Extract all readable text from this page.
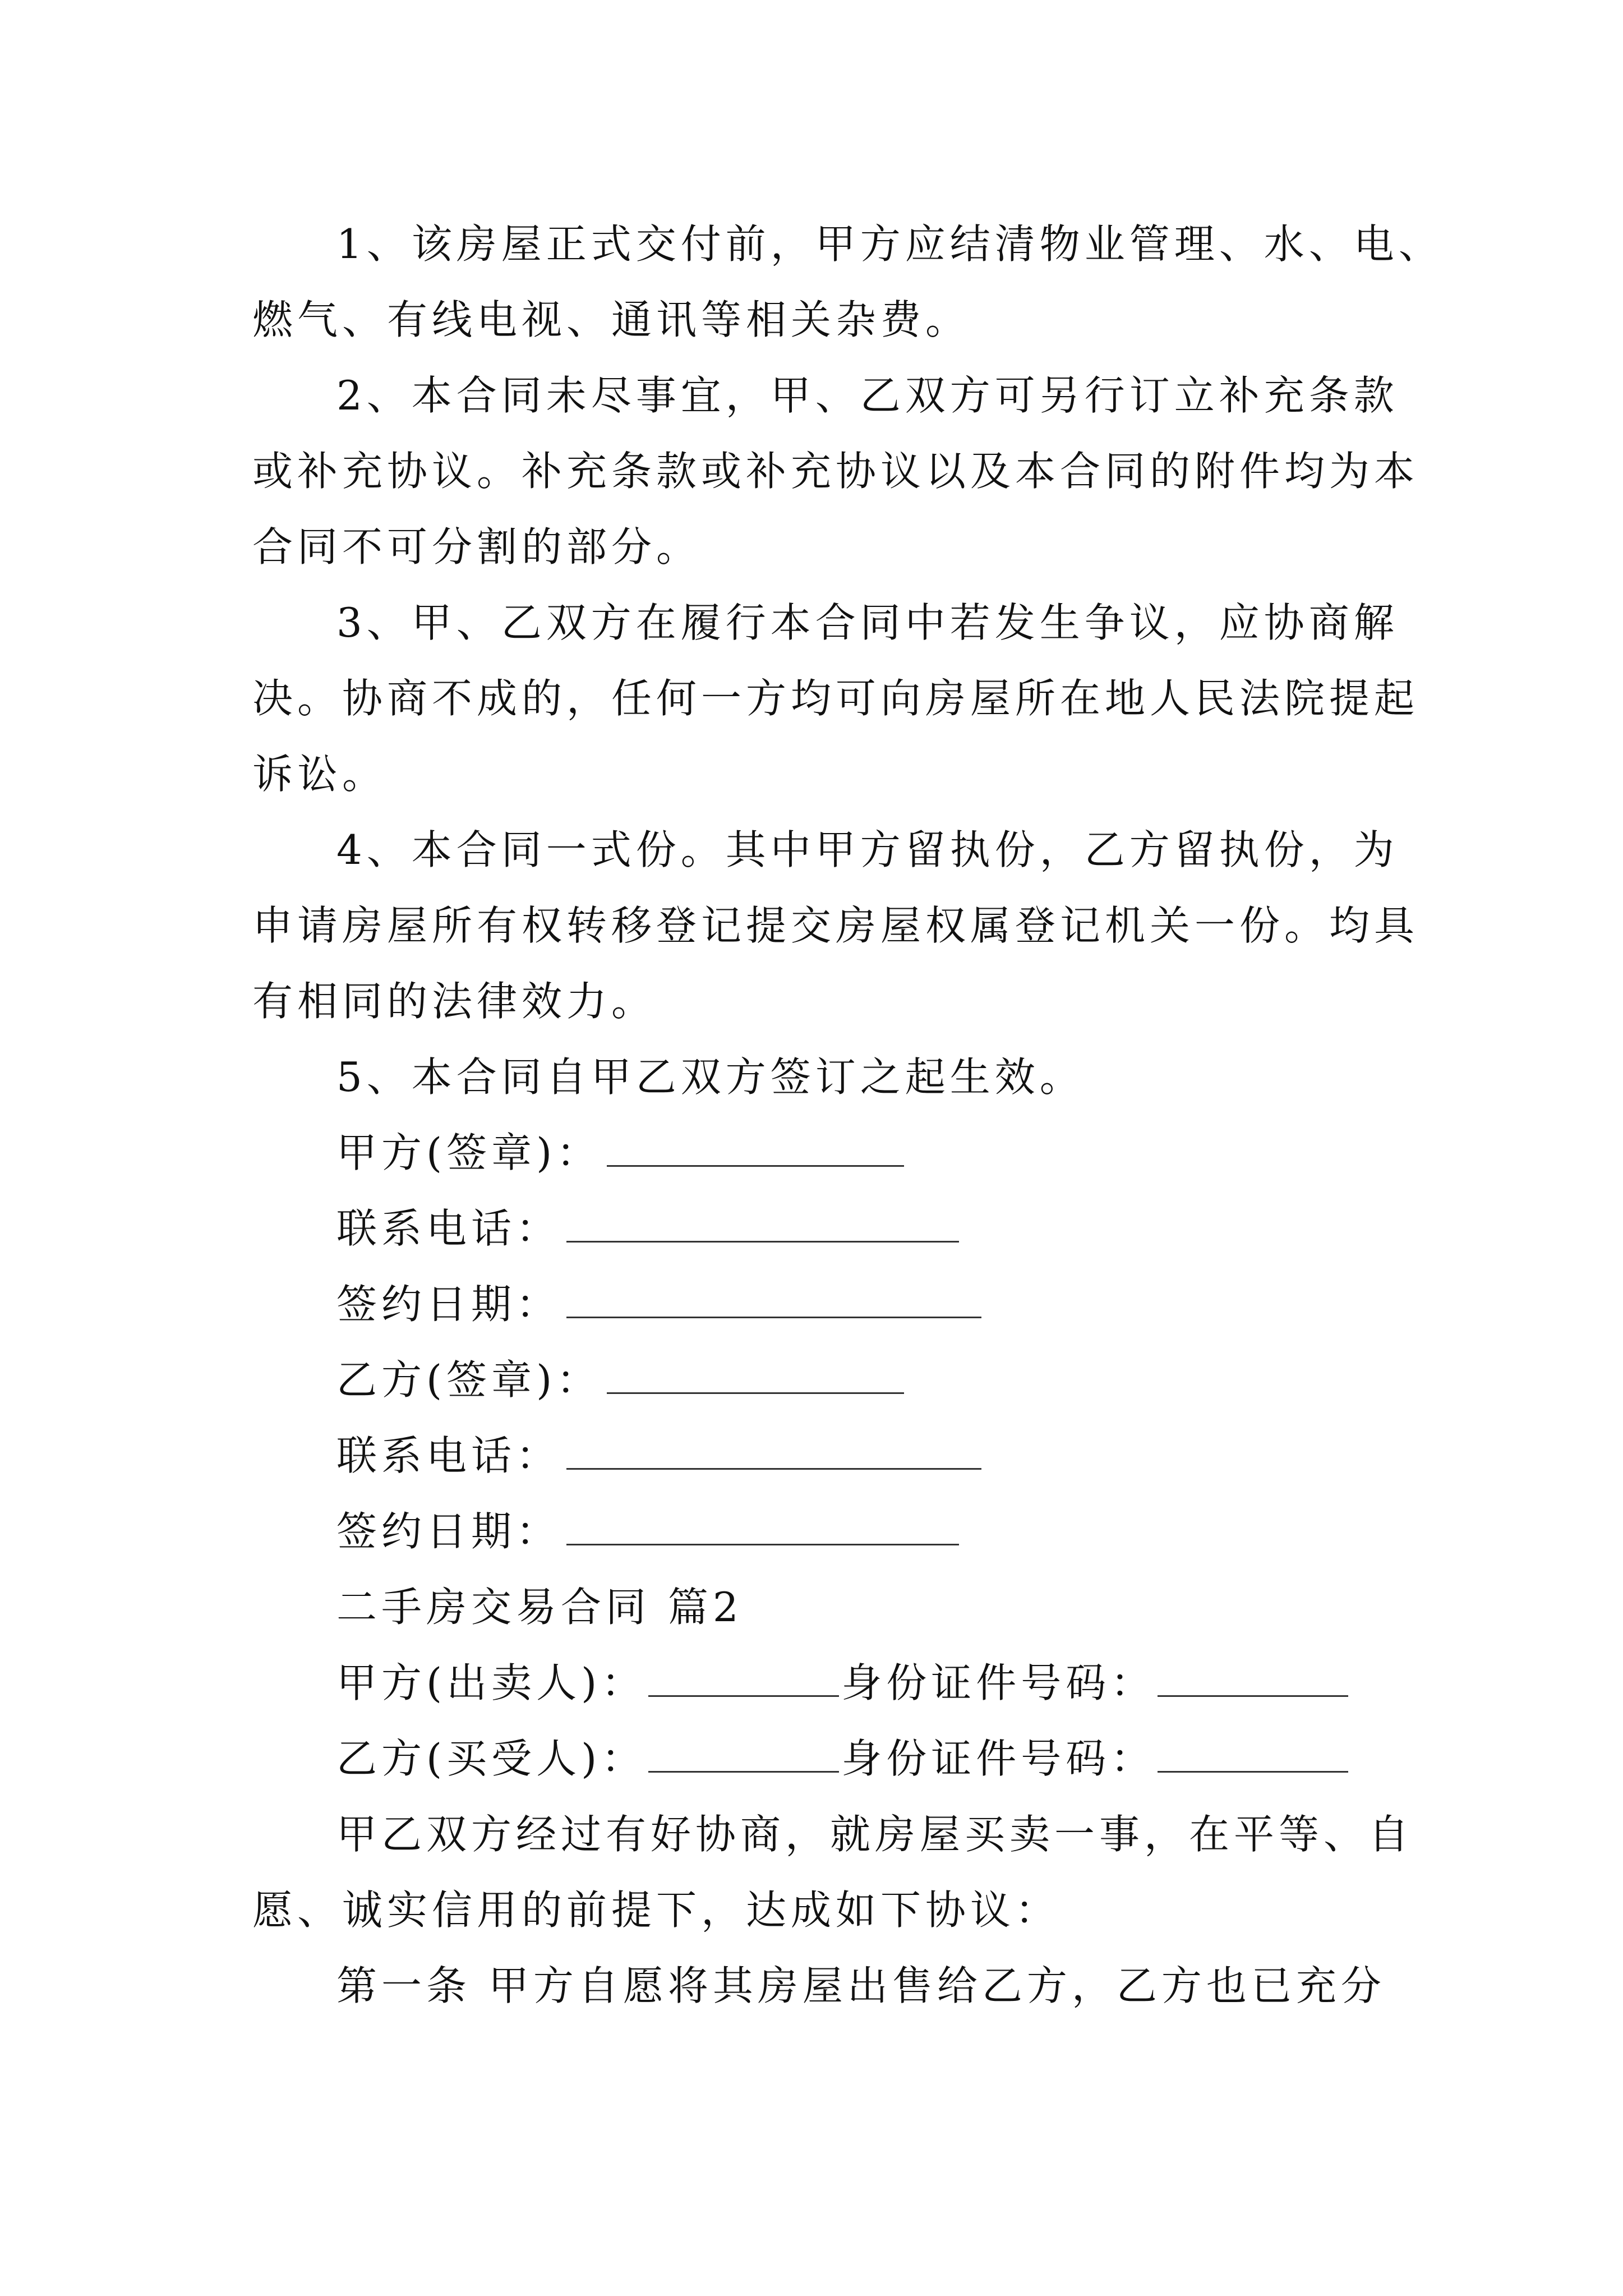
1、该房屋正式交付前，甲方应结清物业管理、水、电、
燃气、有线电视、通讯等相关杂费。
2、本合同未尽事宜，甲、乙双方可另行订立补充条款
或补充协议。补充条款或补充协议以及本合同的附件均为本
合同不可分割的部分。
3、甲、乙双方在履行本合同中若发生争议，应协商解
决。协商不成的，任何一方均可向房屋所在地人民法院提起
诉讼。
4、本合同一式份。其中甲方留执份，乙方留执份，为
申请房屋所有权转移登记提交房屋权属登记机关一份。均具
有相同的法律效力。
5、本合同自甲乙双方签订之起生效。
甲方(签章)：
联系电话：
签约日期：
乙方(签章)：
联系电话：
签约日期：
二手房交易合同 篇2
甲方(出卖人)：	身份证件号码：
乙方(买受人)：	身份证件号码：
甲乙双方经过有好协商，就房屋买卖一事，在平等、自
愿、诚实信用的前提下，达成如下协议：
第一条 甲方自愿将其房屋出售给乙方，乙方也已充分
